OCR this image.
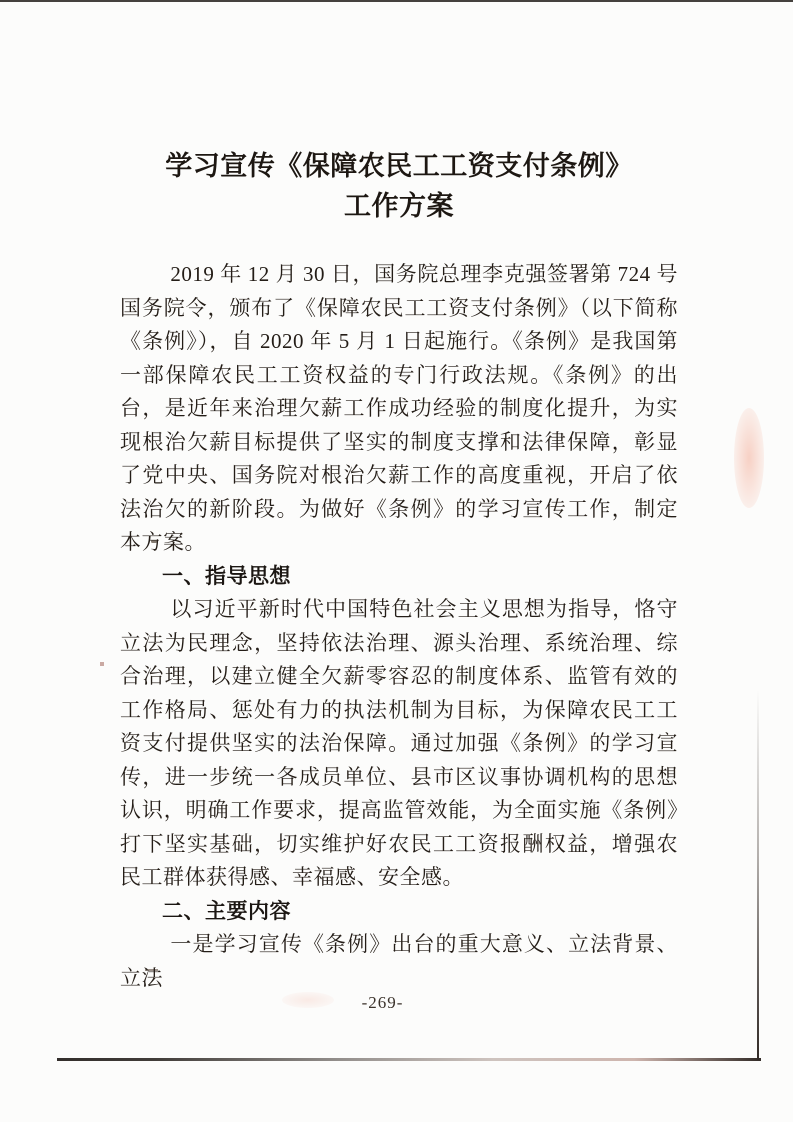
学习宣传《保障农民工工资支付条例》
工作方案

2019 年 12 月 30 日，国务院总理李克强签署第 724 号国务院令，颁布了《保障农民工工资支付条例》（以下简称《条例》），自 2020 年 5 月 1 日起施行。《条例》是我国第一部保障农民工工资权益的专门行政法规。《条例》的出台，是近年来治理欠薪工作成功经验的制度化提升，为实现根治欠薪目标提供了坚实的制度支撑和法律保障，彰显了党中央、国务院对根治欠薪工作的高度重视，开启了依法治欠的新阶段。为做好《条例》的学习宣传工作，制定本方案。

一、指导思想

以习近平新时代中国特色社会主义思想为指导，恪守立法为民理念，坚持依法治理、源头治理、系统治理、综合治理，以建立健全欠薪零容忍的制度体系、监管有效的工作格局、惩处有力的执法机制为目标，为保障农民工工资支付提供坚实的法治保障。通过加强《条例》的学习宣传，进一步统一各成员单位、县市区议事协调机构的思想认识，明确工作要求，提高监管效能，为全面实施《条例》打下坚实基础，切实维护好农民工工资报酬权益，增强农民工群体获得感、幸福感、安全感。

二、主要内容

一是学习宣传《条例》出台的重大意义、立法背景、立法

-269-
